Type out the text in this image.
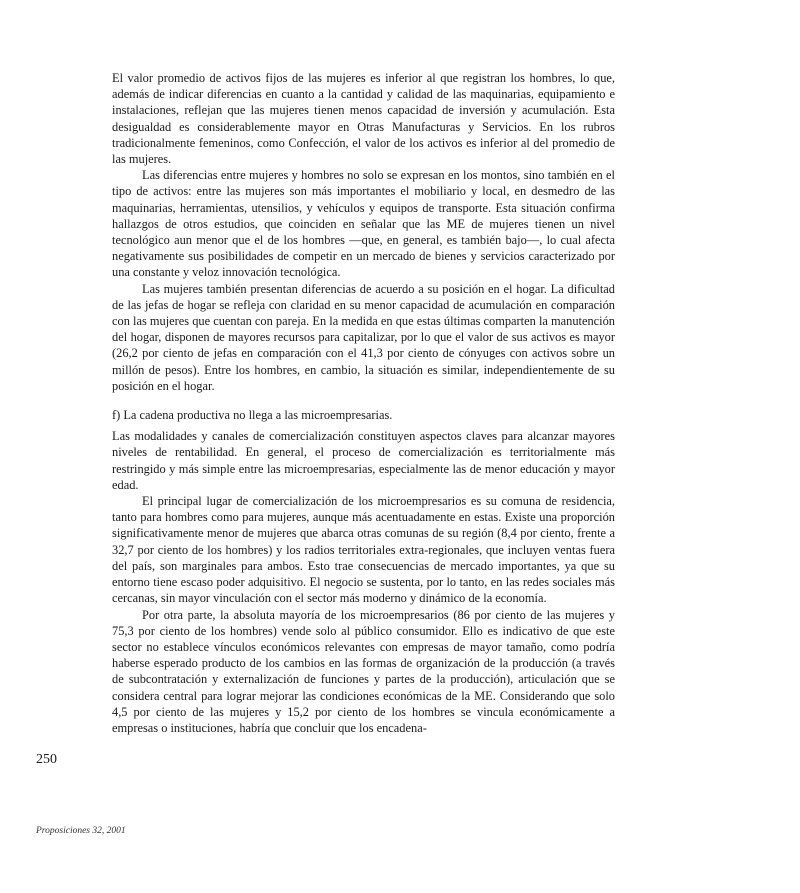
El valor promedio de activos fijos de las mujeres es inferior al que registran los hombres, lo que, además de indicar diferencias en cuanto a la cantidad y calidad de las maquinarias, equipamiento e instalaciones, reflejan que las mujeres tienen menos capacidad de inversión y acumulación. Esta desigualdad es considerablemente mayor en Otras Manufacturas y Servicios. En los rubros tradicionalmente femeninos, como Confección, el valor de los activos es inferior al del promedio de las mujeres.

Las diferencias entre mujeres y hombres no solo se expresan en los montos, sino también en el tipo de activos: entre las mujeres son más importantes el mobiliario y local, en desmedro de las maquinarias, herramientas, utensilios, y vehículos y equipos de transporte. Esta situación confirma hallazgos de otros estudios, que coinciden en señalar que las ME de mujeres tienen un nivel tecnológico aun menor que el de los hombres —que, en general, es también bajo—, lo cual afecta negativamente sus posibilidades de competir en un mercado de bienes y servicios caracterizado por una constante y veloz innovación tecnológica.

Las mujeres también presentan diferencias de acuerdo a su posición en el hogar. La dificultad de las jefas de hogar se refleja con claridad en su menor capacidad de acumulación en comparación con las mujeres que cuentan con pareja. En la medida en que estas últimas comparten la manutención del hogar, disponen de mayores recursos para capitalizar, por lo que el valor de sus activos es mayor (26,2 por ciento de jefas en comparación con el 41,3 por ciento de cónyuges con activos sobre un millón de pesos). Entre los hombres, en cambio, la situación es similar, independientemente de su posición en el hogar.

f) La cadena productiva no llega a las microempresarias.

Las modalidades y canales de comercialización constituyen aspectos claves para alcanzar mayores niveles de rentabilidad. En general, el proceso de comercialización es territorialmente más restringido y más simple entre las microempresarias, especialmente las de menor educación y mayor edad.

El principal lugar de comercialización de los microempresarios es su comuna de residencia, tanto para hombres como para mujeres, aunque más acentuadamente en estas. Existe una proporción significativamente menor de mujeres que abarca otras comunas de su región (8,4 por ciento, frente a 32,7 por ciento de los hombres) y los radios territoriales extra-regionales, que incluyen ventas fuera del país, son marginales para ambos. Esto trae consecuencias de mercado importantes, ya que su entorno tiene escaso poder adquisitivo. El negocio se sustenta, por lo tanto, en las redes sociales más cercanas, sin mayor vinculación con el sector más moderno y dinámico de la economía.

Por otra parte, la absoluta mayoría de los microempresarios (86 por ciento de las mujeres y 75,3 por ciento de los hombres) vende solo al público consumidor. Ello es indicativo de que este sector no establece vínculos económicos relevantes con empresas de mayor tamaño, como podría haberse esperado producto de los cambios en las formas de organización de la producción (a través de subcontratación y externalización de funciones y partes de la producción), articulación que se considera central para lograr mejorar las condiciones económicas de la ME. Considerando que solo 4,5 por ciento de las mujeres y 15,2 por ciento de los hombres se vincula económicamente a empresas o instituciones, habría que concluir que los encadena-

250
Proposiciones 32, 2001
